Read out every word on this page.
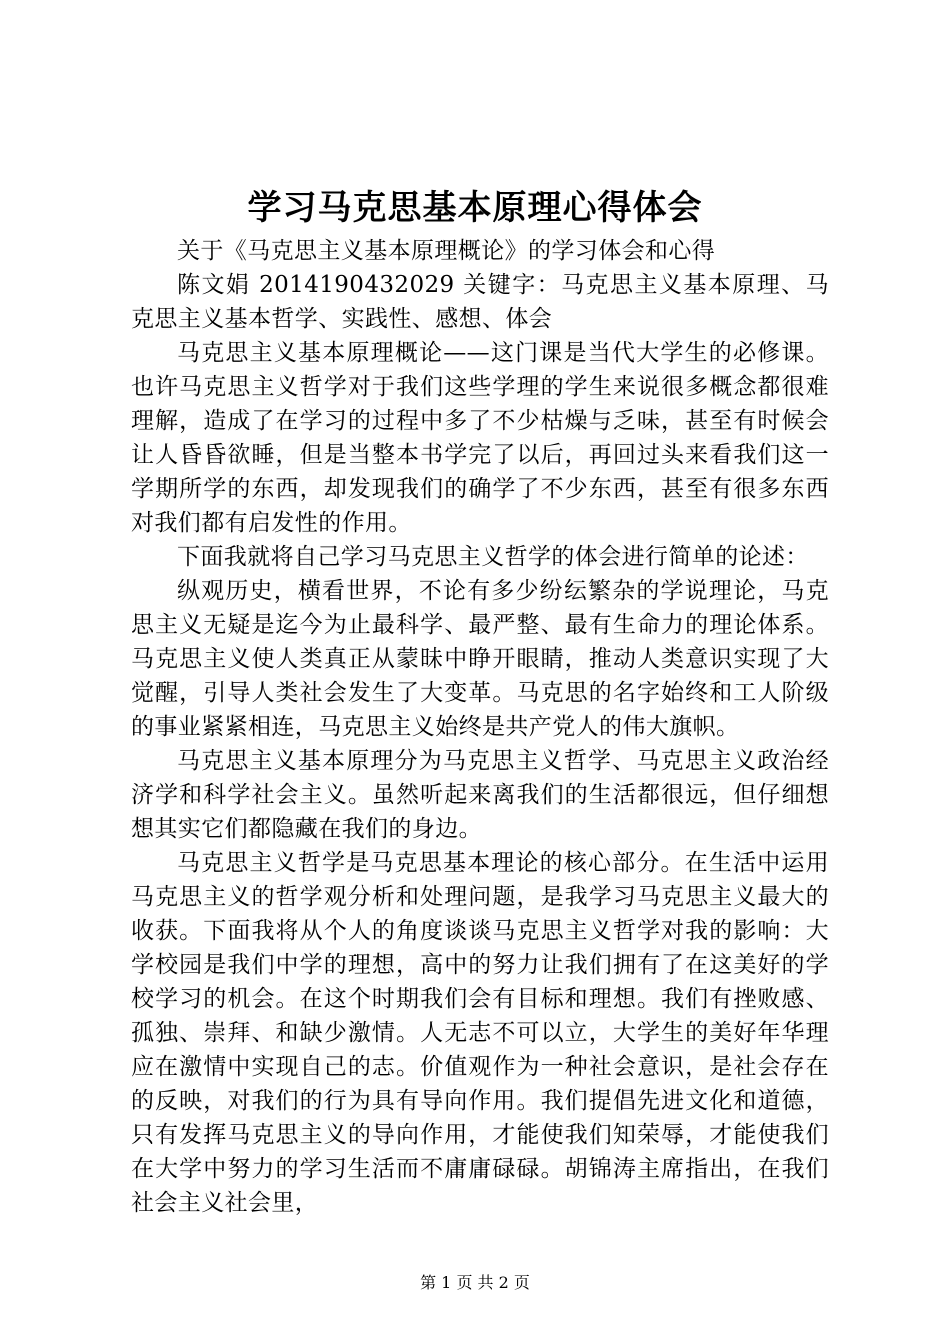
学习马克思基本原理心得体会

关于《马克思主义基本原理概论》的学习体会和心得

陈文娟 2014190432029 关键字：马克思主义基本原理、马克思主义基本哲学、实践性、感想、体会

马克思主义基本原理概论——这门课是当代大学生的必修课。也许马克思主义哲学对于我们这些学理的学生来说很多概念都很难理解，造成了在学习的过程中多了不少枯燥与乏味，甚至有时候会让人昏昏欲睡，但是当整本书学完了以后，再回过头来看我们这一学期所学的东西，却发现我们的确学了不少东西，甚至有很多东西对我们都有启发性的作用。

下面我就将自己学习马克思主义哲学的体会进行简单的论述：

纵观历史，横看世界，不论有多少纷纭繁杂的学说理论，马克思主义无疑是迄今为止最科学、最严整、最有生命力的理论体系。马克思主义使人类真正从蒙昧中睁开眼睛，推动人类意识实现了大觉醒，引导人类社会发生了大变革。马克思的名字始终和工人阶级的事业紧紧相连，马克思主义始终是共产党人的伟大旗帜。

马克思主义基本原理分为马克思主义哲学、马克思主义政治经济学和科学社会主义。虽然听起来离我们的生活都很远，但仔细想想其实它们都隐藏在我们的身边。

马克思主义哲学是马克思基本理论的核心部分。在生活中运用马克思主义的哲学观分析和处理问题，是我学习马克思主义最大的收获。下面我将从个人的角度谈谈马克思主义哲学对我的影响：大学校园是我们中学的理想，高中的努力让我们拥有了在这美好的学校学习的机会。在这个时期我们会有目标和理想。我们有挫败感、孤独、崇拜、和缺少激情。人无志不可以立，大学生的美好年华理应在激情中实现自己的志。价值观作为一种社会意识，是社会存在的反映，对我们的行为具有导向作用。我们提倡先进文化和道德，只有发挥马克思主义的导向作用，才能使我们知荣辱，才能使我们在大学中努力的学习生活而不庸庸碌碌。胡锦涛主席指出，在我们社会主义社会里，

第 1 页 共 2 页
